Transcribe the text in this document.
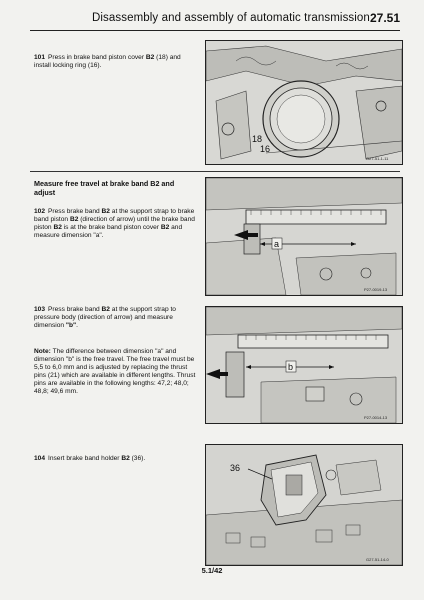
Disassembly and assembly of automatic transmission 27.51
101 Press in brake band piston cover B2 (18) and install locking ring (16).
18
16
G27-51-1-11
Measure free travel at brake band B2 and adjust
102 Press brake band B2 at the support strap to brake band piston B2 (direction of arrow) until the brake band piston B2 is at the brake band piston cover B2 and measure dimension "a".
a
P27-0019-13
103 Press brake band B2 at the support strap to pressure body (direction of arrow) and measure dimension "b".
Note: The difference between dimension "a" and dimension "b" is the free travel. The free travel must be 5,5 to 6,0 mm and is adjusted by replacing the thrust pins (21) which are available in different lengths. Thrust pins are available in the following lengths: 47,2; 48,0; 48,8; 49,6 mm.
b
P27-0014-13
104 Insert brake band holder B2 (36).
36
G27-51-14-0
5.1/42
